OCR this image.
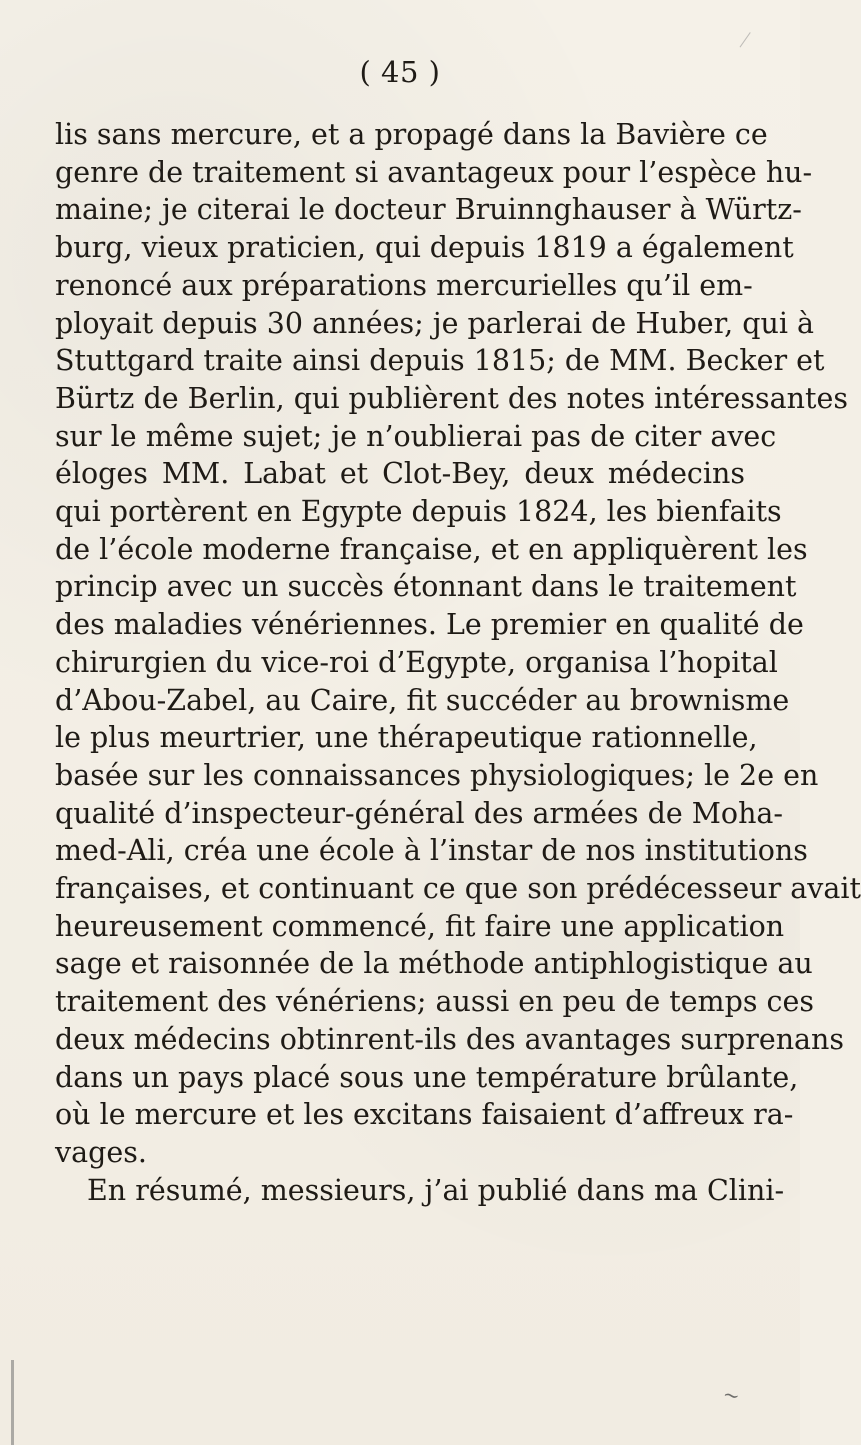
( 45 )
lis sans mercure, et a propagé dans la Bavière ce
genre de traitement si avantageux pour l’espèce hu-
maine; je citerai le docteur Bruinnghauser à Würtz-
burg, vieux praticien, qui depuis 1819 a également
renoncé aux préparations mercurielles qu’il em-
ployait depuis 30 années; je parlerai de Huber, qui à
Stuttgard traite ainsi depuis 1815; de MM. Becker et
Bürtz de Berlin, qui publièrent des notes intéressantes
sur le même sujet; je n’oublierai pas de citer avec
éloges MM. Labat et Clot-Bey, deux médecins
qui portèrent en Egypte depuis 1824, les bienfaits
de l’école moderne française, et en appliquèrent les
princip avec un succès étonnant dans le traitement
des maladies vénériennes. Le premier en qualité de
chirurgien du vice-roi d’Egypte, organisa l’hopital
d’Abou-Zabel, au Caire, fit succéder au brownisme
le plus meurtrier, une thérapeutique rationnelle,
basée sur les connaissances physiologiques; le 2e en
qualité d’inspecteur-général des armées de Moha-
med-Ali, créa une école à l’instar de nos institutions
françaises, et continuant ce que son prédécesseur avait
heureusement commencé, fit faire une application
sage et raisonnée de la méthode antiphlogistique au
traitement des vénériens; aussi en peu de temps ces
deux médecins obtinrent-ils des avantages surprenans
dans un pays placé sous une température brûlante,
où le mercure et les excitans faisaient d’affreux ra-
vages.
En résumé, messieurs, j’ai publié dans ma Clini-
~
